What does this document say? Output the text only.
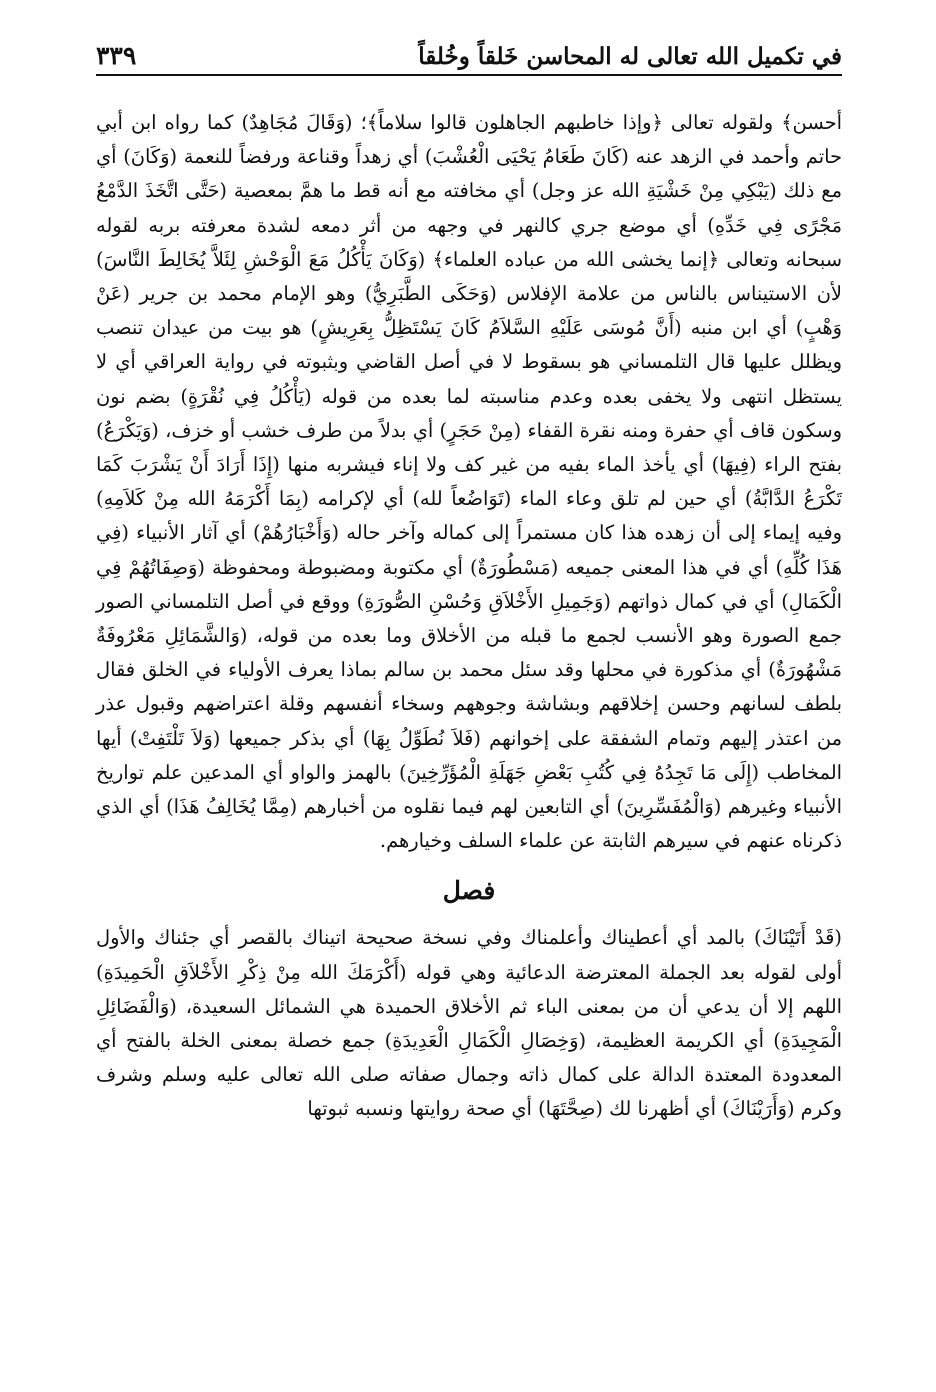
في تكميل الله تعالى له المحاسن خَلقاً وخُلقاً
٣٣٩

أحسن﴾ ولقوله تعالى ﴿وإذا خاطبهم الجاهلون قالوا سلاماً﴾؛ (وَقَالَ مُجَاهِدٌ) كما رواه ابن أبي حاتم وأحمد في الزهد عنه (كَانَ طَعَامُ يَحْيَى الْعُشْبَ) أي زهداً وقناعة ورفضاً للنعمة (وَكَانَ) أي مع ذلك (يَبْكِي مِنْ خَشْيَةِ الله عز وجل) أي مخافته مع أنه قط ما همَّ بمعصية (حَتَّى اتَّخَذَ الدَّمْعُ مَجْرًى فِي خَدِّهِ) أي موضع جري كالنهر في وجهه من أثر دمعه لشدة معرفته بربه لقوله سبحانه وتعالى ﴿إنما يخشى الله من عباده العلماء﴾ (وَكَانَ يَأْكُلُ مَعَ الْوَحْشِ لِئَلاَّ يُخَالِطَ النَّاسَ) لأن الاستيناس بالناس من علامة الإفلاس (وَحَكَى الطَّبَرِيُّ) وهو الإمام محمد بن جرير (عَنْ وَهْبٍ) أي ابن منبه (أَنَّ مُوسَى عَلَيْهِ السَّلاَمُ كَانَ يَسْتَظِلُّ بِعَرِيشٍ) هو بيت من عيدان تنصب ويظلل عليها قال التلمساني هو بسقوط لا في أصل القاضي وبثبوته في رواية العراقي أي لا يستظل انتهى ولا يخفى بعده وعدم مناسبته لما بعده من قوله (يَأْكُلُ فِي نُقْرَةٍ) بضم نون وسكون قاف أي حفرة ومنه نقرة القفاء (مِنْ حَجَرٍ) أي بدلاً من طرف خشب أو خزف، (وَيَكْرَعُ) بفتح الراء (فِيهَا) أي يأخذ الماء بفيه من غير كف ولا إناء فيشربه منها (إِذَا أَرَادَ أَنْ يَشْرَبَ كَمَا تَكْرَعُ الدَّابَّةُ) أي حين لم تلق وعاء الماء (تَوَاضُعاً لله) أي لإكرامه (بِمَا أَكْرَمَهُ الله مِنْ كَلاَمِهِ) وفيه إيماء إلى أن زهده هذا كان مستمراً إلى كماله وآخر حاله (وَأَخْبَارُهُمْ) أي آثار الأنبياء (فِي هَذَا كُلِّهِ) أي في هذا المعنى جميعه (مَسْطُورَةٌ) أي مكتوبة ومضبوطة ومحفوظة (وَصِفَاتُهُمْ فِي الْكَمَالِ) أي في كمال ذواتهم (وَجَمِيلِ الأَخْلاَقِ وَحُسْنِ الصُّورَةِ) ووقع في أصل التلمساني الصور جمع الصورة وهو الأنسب لجمع ما قبله من الأخلاق وما بعده من قوله، (وَالشَّمَائِلِ مَعْرُوفَةٌ مَشْهُورَةٌ) أي مذكورة في محلها وقد سئل محمد بن سالم بماذا يعرف الأولياء في الخلق فقال بلطف لسانهم وحسن إخلاقهم وبشاشة وجوههم وسخاء أنفسهم وقلة اعتراضهم وقبول عذر من اعتذر إليهم وتمام الشفقة على إخوانهم (فَلاَ نُطَوِّلُ بِهَا) أي بذكر جميعها (وَلاَ تَلْتَفِتْ) أيها المخاطب (إِلَى مَا تَجِدُهُ فِي كُتُبِ بَعْضِ جَهَلَةِ الْمُؤَرِّخِينَ) بالهمز والواو أي المدعين علم تواريخ الأنبياء وغيرهم (وَالْمُفَسِّرِينَ) أي التابعين لهم فيما نقلوه من أخبارهم (مِمَّا يُخَالِفُ هَذَا) أي الذي ذكرناه عنهم في سيرهم الثابتة عن علماء السلف وخيارهم.

فصل

(قَدْ أَتَيْنَاكَ) بالمد أي أعطيناك وأعلمناك وفي نسخة صحيحة اتيناك بالقصر أي جئناك والأول أولى لقوله بعد الجملة المعترضة الدعائية وهي قوله (أَكْرَمَكَ الله مِنْ ذِكْرِ الأَخْلاَقِ الْحَمِيدَةِ) اللهم إلا أن يدعي أن من بمعنى الباء ثم الأخلاق الحميدة هي الشمائل السعيدة، (وَالْفَضَائِلِ الْمَجِيدَةِ) أي الكريمة العظيمة، (وَخِصَالِ الْكَمَالِ الْعَدِيدَةِ) جمع خصلة بمعنى الخلة بالفتح أي المعدودة المعتدة الدالة على كمال ذاته وجمال صفاته صلى الله تعالى عليه وسلم وشرف وكرم (وَأَرَيْنَاكَ) أي أظهرنا لك (صِحَّتَهَا) أي صحة روايتها ونسبه ثبوتها
